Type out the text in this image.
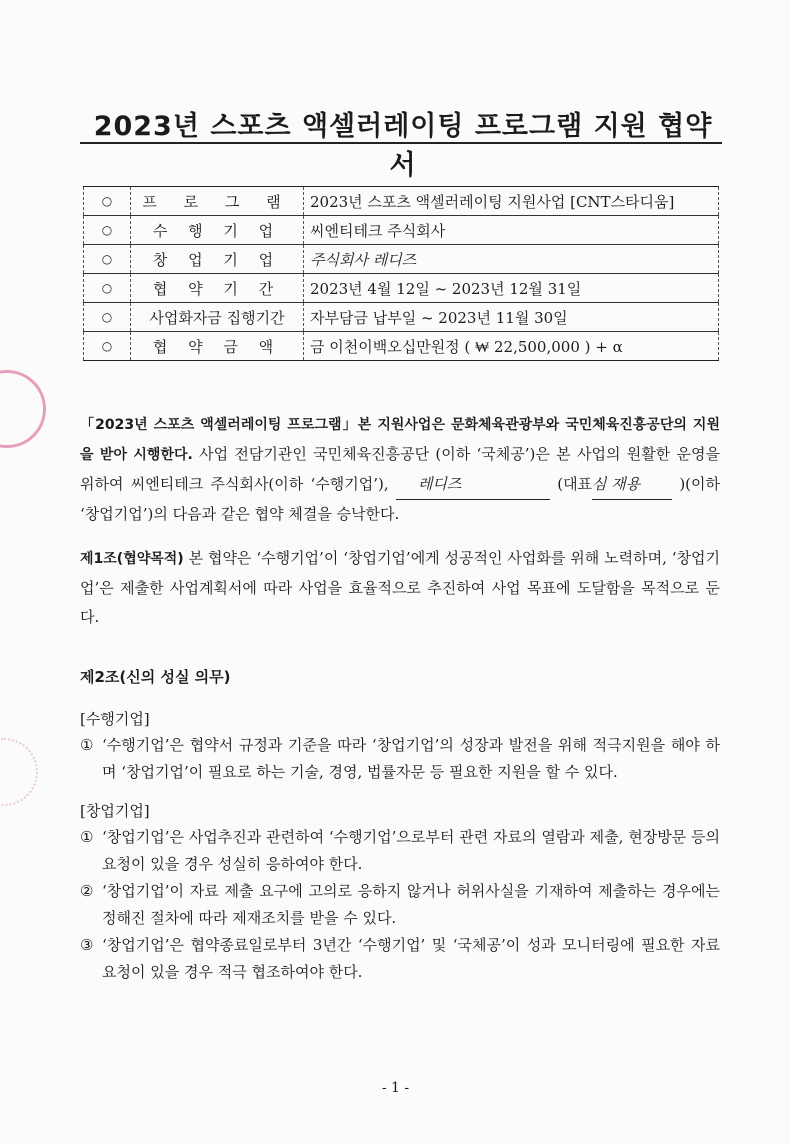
2023년 스포츠 액셀러레이팅 프로그램 지원 협약서
○	프 로 그 램	2023년 스포츠 액셀러레이팅 지원사업 [CNT스타디움]
○	수 행 기 업	씨엔티테크 주식회사
○	창 업 기 업	주식회사 레디즈
○	협 약 기 간	2023년 4월 12일 ~ 2023년 12월 31일
○	사업화자금 집행기간	자부담금 납부일 ~ 2023년 11월 30일
○	협 약 금 액	금 이천이백오십만원정 ( ₩ 22,500,000 ) + α

「2023년 스포츠 액셀러레이팅 프로그램」본 지원사업은 문화체육관광부와 국민체육진흥공단의 지원을 받아 시행한다. 사업 전담기관인 국민체육진흥공단 (이하 ‘국체공’)은 본 사업의 원활한 운영을 위하여 씨엔티테크 주식회사(이하 ‘수행기업’), 레디즈	(대표심 재용 )(이하 ‘창업기업’)의 다음과 같은 협약 체결을 승낙한다.

제1조(협약목적) 본 협약은 ‘수행기업’이 ‘창업기업’에게 성공적인 사업화를 위해 노력하며, ‘창업기업’은 제출한 사업계획서에 따라 사업을 효율적으로 추진하여 사업 목표에 도달함을 목적으로 둔다.

제2조(신의 성실 의무)

[수행기업]

① ‘수행기업’은 협약서 규정과 기준을 따라 ‘창업기업’의 성장과 발전을 위해 적극지원을 해야 하며 ‘창업기업’이 필요로 하는 기술, 경영, 법률자문 등 필요한 지원을 할 수 있다.

[창업기업]

① ‘창업기업’은 사업추진과 관련하여 ‘수행기업’으로부터 관련 자료의 열람과 제출, 현장방문 등의 요청이 있을 경우 성실히 응하여야 한다.
② ‘창업기업’이 자료 제출 요구에 고의로 응하지 않거나 허위사실을 기재하여 제출하는 경우에는 정해진 절차에 따라 제재조치를 받을 수 있다.
③ ‘창업기업’은 협약종료일로부터 3년간 ‘수행기업’ 및 ‘국체공’이 성과 모니터링에 필요한 자료 요청이 있을 경우 적극 협조하여야 한다.
- 1 -
